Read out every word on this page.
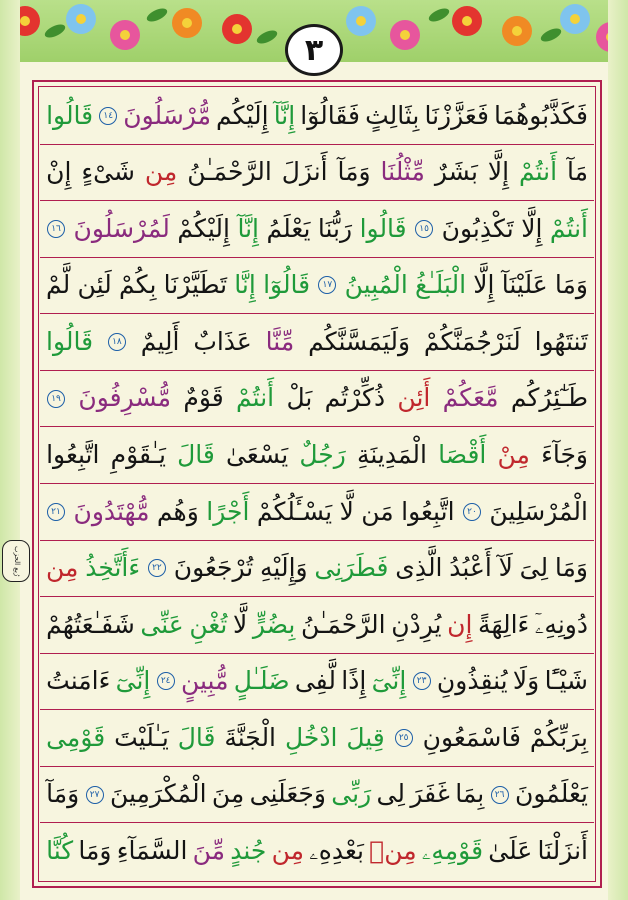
٣
رُبع الحزب
فَكَذَّبُوهُمَا
فَعَزَّزْنَا
بِثَالِثٍ
فَقَالُوٓا
إِنَّآ
إِلَيْكُم
مُّرْسَلُونَ
١٤
قَالُوا
مَآ
أَنتُمْ
إِلَّا
بَشَرٌ
مِّثْلُنَا
وَمَآ
أَنزَلَ
الرَّحْمَـٰنُ
مِن
شَىْءٍ
إِنْ
أَنتُمْ
إِلَّا
تَكْذِبُونَ
١٥
قَالُوا
رَبُّنَا
يَعْلَمُ
إِنَّآ
إِلَيْكُمْ
لَمُرْسَلُونَ
١٦
وَمَا
عَلَيْنَآ
إِلَّا
الْبَلَـٰغُ
الْمُبِينُ
١٧
قَالُوٓا
إِنَّا
تَطَيَّرْنَا
بِكُمْ
لَئِن
لَّمْ
تَنتَهُوا
لَنَرْجُمَنَّكُمْ
وَلَيَمَسَّنَّكُم
مِّنَّا
عَذَابٌ
أَلِيمٌ
١٨
قَالُوا
طَـٰٓئِرُكُم
مَّعَكُمْ
أَئِن
ذُكِّرْتُم
بَلْ
أَنتُمْ
قَوْمٌ
مُّسْرِفُونَ
١٩
وَجَآءَ
مِنْ
أَقْصَا
الْمَدِينَةِ
رَجُلٌ
يَسْعَىٰ
قَالَ
يَـٰقَوْمِ
اتَّبِعُوا
الْمُرْسَلِينَ
٢٠
اتَّبِعُوا
مَن
لَّا
يَسْـَٔلُكُمْ
أَجْرًا
وَهُم
مُّهْتَدُونَ
٢١
وَمَا
لِىَ
لَآ
أَعْبُدُ
الَّذِى
فَطَرَنِى
وَإِلَيْهِ
تُرْجَعُونَ
٢٢
ءَأَتَّخِذُ
مِن
دُونِهِۦٓ
ءَالِهَةً
إِن
يُرِدْنِ
الرَّحْمَـٰنُ
بِضُرٍّ
لَّا
تُغْنِ
عَنِّى
شَفَـٰعَتُهُمْ
شَيْـًٔا
وَلَا
يُنقِذُونِ
٢٣
إِنِّىٓ
إِذًا
لَّفِى
ضَلَـٰلٍ
مُّبِينٍ
٢٤
إِنِّىٓ
ءَامَنتُ
بِرَبِّكُمْ
فَاسْمَعُونِ
٢٥
قِيلَ
ادْخُلِ
الْجَنَّةَ
قَالَ
يَـٰلَيْتَ
قَوْمِى
يَعْلَمُونَ
٢٦
بِمَا
غَفَرَ
لِى
رَبِّى
وَجَعَلَنِى
مِنَ
الْمُكْرَمِينَ
٢٧
وَمَآ
أَنزَلْنَا
عَلَىٰ
قَوْمِهِۦ
مِنۢ
بَعْدِهِۦ
مِن
جُندٍ
مِّنَ
السَّمَآءِ
وَمَا
كُنَّا
